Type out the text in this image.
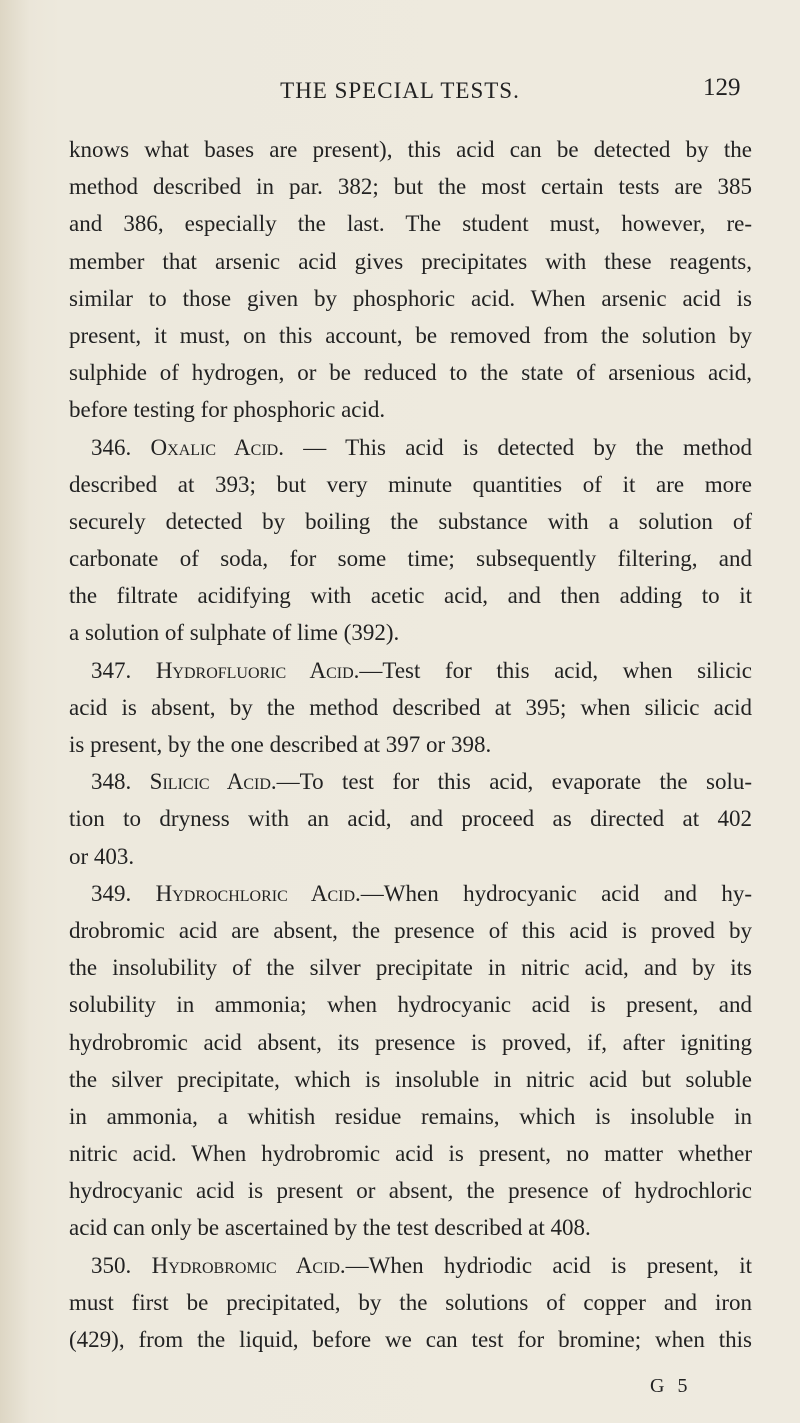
THE SPECIAL TESTS.	129
knows what bases are present), this acid can be detected by the
method described in par. 382; but the most certain tests are 385
and 386, especially the last. The student must, however, re-
member that arsenic acid gives precipitates with these reagents,
similar to those given by phosphoric acid. When arsenic acid is
present, it must, on this account, be removed from the solution by
sulphide of hydrogen, or be reduced to the state of arsenious acid,
before testing for phosphoric acid.
346. Oxalic Acid. — This acid is detected by the method
described at 393; but very minute quantities of it are more
securely detected by boiling the substance with a solution of
carbonate of soda, for some time; subsequently filtering, and
the filtrate acidifying with acetic acid, and then adding to it
a solution of sulphate of lime (392).
347. Hydrofluoric Acid.—Test for this acid, when silicic
acid is absent, by the method described at 395; when silicic acid
is present, by the one described at 397 or 398.
348. Silicic Acid.—To test for this acid, evaporate the solu-
tion to dryness with an acid, and proceed as directed at 402
or 403.
349. Hydrochloric Acid.—When hydrocyanic acid and hy-
drobromic acid are absent, the presence of this acid is proved by
the insolubility of the silver precipitate in nitric acid, and by its
solubility in ammonia; when hydrocyanic acid is present, and
hydrobromic acid absent, its presence is proved, if, after igniting
the silver precipitate, which is insoluble in nitric acid but soluble
in ammonia, a whitish residue remains, which is insoluble in
nitric acid. When hydrobromic acid is present, no matter whether
hydrocyanic acid is present or absent, the presence of hydrochloric
acid can only be ascertained by the test described at 408.
350. Hydrobromic Acid.—When hydriodic acid is present, it
must first be precipitated, by the solutions of copper and iron
(429), from the liquid, before we can test for bromine; when this
G 5
